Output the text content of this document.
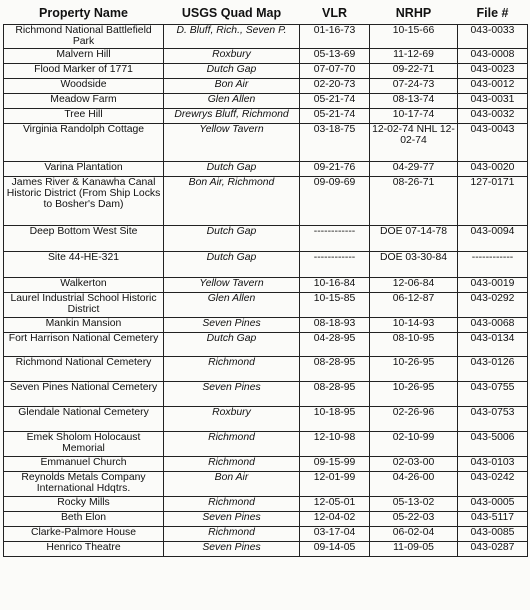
Property Name	USGS Quad Map	VLR	NRHP	File #
Richmond National Battlefield Park	D. Bluff, Rich., Seven P.	01-16-73	10-15-66	043-0033
Malvern Hill	Roxbury	05-13-69	11-12-69	043-0008
Flood Marker of 1771	Dutch Gap	07-07-70	09-22-71	043-0023
Woodside	Bon Air	02-20-73	07-24-73	043-0012
Meadow Farm	Glen Allen	05-21-74	08-13-74	043-0031
Tree Hill	Drewrys Bluff, Richmond	05-21-74	10-17-74	043-0032
Virginia Randolph Cottage	Yellow Tavern	03-18-75	12-02-74 NHL 12-02-74	043-0043
Varina Plantation	Dutch Gap	09-21-76	04-29-77	043-0020
James River & Kanawha Canal Historic District (From Ship Locks to Bosher's Dam)	Bon Air, Richmond	09-09-69	08-26-71	127-0171
Deep Bottom West Site	Dutch Gap	------------	DOE 07-14-78	043-0094
Site 44-HE-321	Dutch Gap	------------	DOE 03-30-84	------------
Walkerton	Yellow Tavern	10-16-84	12-06-84	043-0019
Laurel Industrial School Historic District	Glen Allen	10-15-85	06-12-87	043-0292
Mankin Mansion	Seven Pines	08-18-93	10-14-93	043-0068
Fort Harrison National Cemetery	Dutch Gap	04-28-95	08-10-95	043-0134
Richmond National Cemetery	Richmond	08-28-95	10-26-95	043-0126
Seven Pines National Cemetery	Seven Pines	08-28-95	10-26-95	043-0755
Glendale National Cemetery	Roxbury	10-18-95	02-26-96	043-0753
Emek Sholom Holocaust Memorial	Richmond	12-10-98	02-10-99	043-5006
Emmanuel Church	Richmond	09-15-99	02-03-00	043-0103
Reynolds Metals Company International Hdqtrs.	Bon Air	12-01-99	04-26-00	043-0242
Rocky Mills	Richmond	12-05-01	05-13-02	043-0005
Beth Elon	Seven Pines	12-04-02	05-22-03	043-5117
Clarke-Palmore House	Richmond	03-17-04	06-02-04	043-0085
Henrico Theatre	Seven Pines	09-14-05	11-09-05	043-0287
